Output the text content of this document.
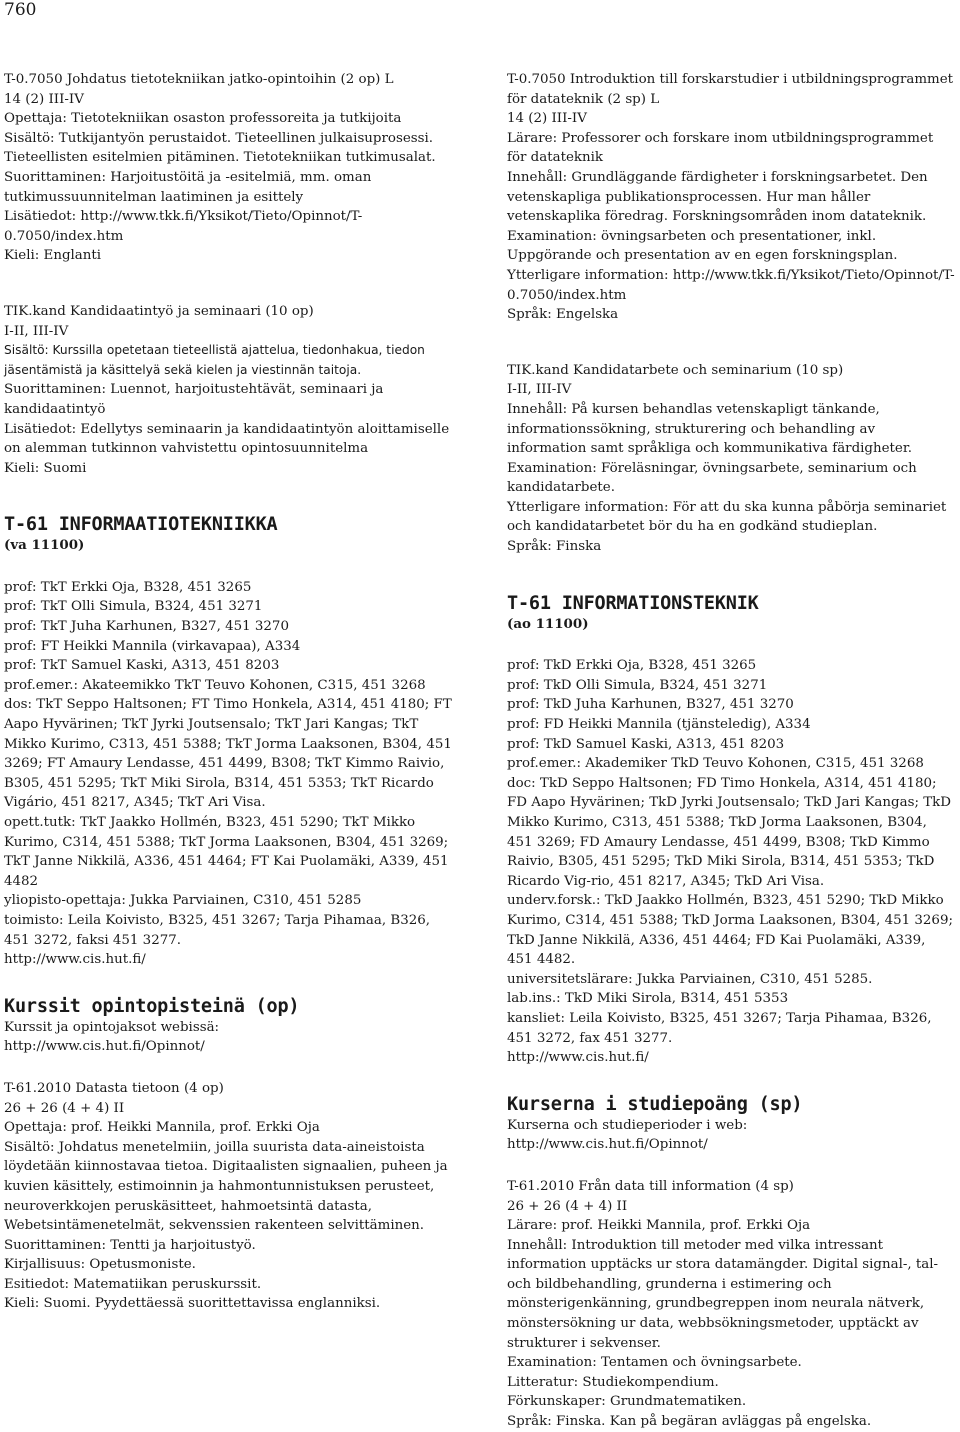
760

T-0.7050 Johdatus tietotekniikan jatko-opintoihin (2 op) L

14 (2) III-IV

Opettaja: Tietotekniikan osaston professoreita ja tutkijoita

Sisältö: Tutkijantyön perustaidot. Tieteellinen julkaisuprosessi. Tieteellisten esitelmien pitäminen. Tietotekniikan tutkimusalat.

Suorittaminen: Harjoitustöitä ja -esitelmiä, mm. oman tutkimussuunnitelman laatiminen ja esittely

Lisätiedot: http://www.tkk.fi/Yksikot/Tieto/Opinnot/T-0.7050/index.htm

Kieli: Englanti

TIK.kand Kandidaatintyö ja seminaari (10 op)

I-II, III-IV

Sisältö: Kurssilla opetetaan tieteellistä ajattelua, tiedonhakua, tiedon jäsentämistä ja käsittelyä sekä kielen ja viestinnän taitoja.

Suorittaminen: Luennot, harjoitustehtävät, seminaari ja kandidaatintyö

Lisätiedot: Edellytys seminaarin ja kandidaatintyön aloittamiselle on alemman tutkinnon vahvistettu opintosuunnitelma

Kieli: Suomi

T-61 INFORMAATIOTEKNIIKKA

(va 11100)

prof: TkT Erkki Oja, B328, 451 3265

prof: TkT Olli Simula, B324, 451 3271

prof: TkT Juha Karhunen, B327, 451 3270

prof: FT Heikki Mannila (virkavapaa), A334

prof: TkT Samuel Kaski, A313, 451 8203

prof.emer.: Akateemikko TkT Teuvo Kohonen, C315, 451 3268

dos: TkT Seppo Haltsonen; FT Timo Honkela, A314, 451 4180; FT Aapo Hyvärinen; TkT Jyrki Joutsensalo; TkT Jari Kangas; TkT Mikko Kurimo, C313, 451 5388; TkT Jorma Laaksonen, B304, 451 3269; FT Amaury Lendasse, 451 4499, B308; TkT Kimmo Raivio, B305, 451 5295; TkT Miki Sirola, B314, 451 5353; TkT Ricardo Vigário, 451 8217, A345; TkT Ari Visa.

opett.tutk: TkT Jaakko Hollmén, B323, 451 5290; TkT Mikko Kurimo, C314, 451 5388; TkT Jorma Laaksonen, B304, 451 3269; TkT Janne Nikkilä, A336, 451 4464; FT Kai Puolamäki, A339, 451 4482

yliopisto-opettaja: Jukka Parviainen, C310, 451 5285

toimisto: Leila Koivisto, B325, 451 3267; Tarja Pihamaa, B326, 451 3272, faksi 451 3277.

http://www.cis.hut.fi/

Kurssit opintopisteinä (op)

Kurssit ja opintojaksot webissä:

http://www.cis.hut.fi/Opinnot/

T-61.2010 Datasta tietoon (4 op)

26 + 26 (4 + 4) II

Opettaja: prof. Heikki Mannila, prof. Erkki Oja

Sisältö: Johdatus menetelmiin, joilla suurista data-aineistoista löydetään kiinnostavaa tietoa. Digitaalisten signaalien, puheen ja kuvien käsittely, estimoinnin ja hahmontunnistuksen perusteet, neuroverkkojen peruskäsitteet, hahmoetsintä datasta, Webetsintämenetelmät, sekvenssien rakenteen selvittäminen.

Suorittaminen: Tentti ja harjoitustyö.

Kirjallisuus: Opetusmoniste.

Esitiedot: Matematiikan peruskurssit.

Kieli: Suomi. Pyydettäessä suorittettavissa englanniksi.

T-0.7050 Introduktion till forskarstudier i utbildningsprogrammet för datateknik (2 sp) L

14 (2) III-IV

Lärare: Professorer och forskare inom utbildningsprogrammet för datateknik

Innehåll: Grundläggande färdigheter i forskningsarbetet. Den vetenskapliga publikationsprocessen. Hur man håller vetenskaplika föredrag. Forskningsområden inom datateknik.

Examination: övningsarbeten och presentationer, inkl. Uppgörande och presentation av en egen forskningsplan.

Ytterligare information: http://www.tkk.fi/Yksikot/Tieto/Opinnot/T-0.7050/index.htm

Språk: Engelska

TIK.kand Kandidatarbete och seminarium (10 sp)

I-II, III-IV

Innehåll: På kursen behandlas vetenskapligt tänkande, informationssökning, strukturering och behandling av information samt språkliga och kommunikativa färdigheter.

Examination: Föreläsningar, övningsarbete, seminarium och kandidatarbete.

Ytterligare information: För att du ska kunna påbörja seminariet och kandidatarbetet bör du ha en godkänd studieplan.

Språk: Finska

T-61 INFORMATIONSTEKNIK

(ao 11100)

prof: TkD Erkki Oja, B328, 451 3265

prof: TkD Olli Simula, B324, 451 3271

prof: TkD Juha Karhunen, B327, 451 3270

prof: FD Heikki Mannila (tjänsteledig), A334

prof: TkD Samuel Kaski, A313, 451 8203

prof.emer.: Akademiker TkD Teuvo Kohonen, C315, 451 3268

doc: TkD Seppo Haltsonen; FD Timo Honkela, A314, 451 4180; FD Aapo Hyvärinen; TkD Jyrki Joutsensalo; TkD Jari Kangas; TkD Mikko Kurimo, C313, 451 5388; TkD Jorma Laaksonen, B304, 451 3269; FD Amaury Lendasse, 451 4499, B308; TkD Kimmo Raivio, B305, 451 5295; TkD Miki Sirola, B314, 451 5353; TkD Ricardo Vig-rio, 451 8217, A345; TkD Ari Visa.

underv.forsk.: TkD Jaakko Hollmén, B323, 451 5290; TkD Mikko Kurimo, C314, 451 5388; TkD Jorma Laaksonen, B304, 451 3269; TkD Janne Nikkilä, A336, 451 4464; FD Kai Puolamäki, A339, 451 4482.

universitetslärare: Jukka Parviainen, C310, 451 5285.

lab.ins.: TkD Miki Sirola, B314, 451 5353

kansliet: Leila Koivisto, B325, 451 3267; Tarja Pihamaa, B326, 451 3272, fax 451 3277.

http://www.cis.hut.fi/

Kurserna i studiepoäng (sp)

Kurserna och studieperioder i web:

http://www.cis.hut.fi/Opinnot/

T-61.2010 Från data till information (4 sp)

26 + 26 (4 + 4) II

Lärare: prof. Heikki Mannila, prof. Erkki Oja

Innehåll: Introduktion till metoder med vilka intressant information upptäcks ur stora datamängder. Digital signal-, tal- och bildbehandling, grunderna i estimering och mönsterigenkänning, grundbegreppen inom neurala nätverk, mönstersökning ur data, webbsökningsmetoder, upptäckt av strukturer i sekvenser.

Examination: Tentamen och övningsarbete.

Litteratur: Studiekompendium.

Förkunskaper: Grundmatematiken.

Språk: Finska. Kan på begäran avläggas på engelska.
